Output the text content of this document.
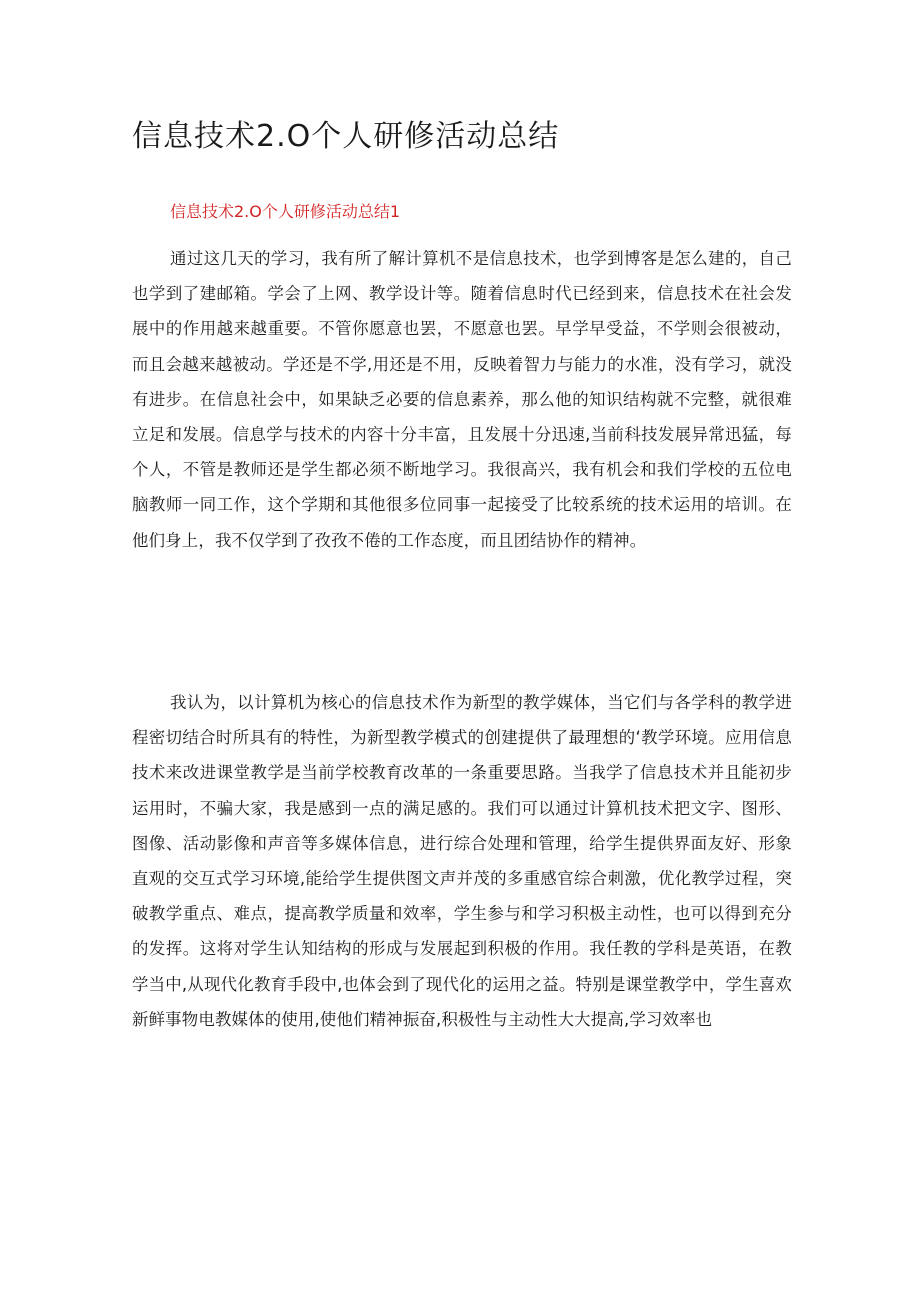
信息技术2.O个人研修活动总结
信息技术2.O个人研修活动总结1

通过这几天的学习，我有所了解计算机不是信息技术，也学到博客是怎么建的，自己也学到了建邮箱。学会了上网、教学设计等。随着信息时代已经到来，信息技术在社会发展中的作用越来越重要。不管你愿意也罢，不愿意也罢。早学早受益，不学则会很被动，而且会越来越被动。学还是不学,用还是不用，反映着智力与能力的水准，没有学习，就没有进步。在信息社会中，如果缺乏必要的信息素养，那么他的知识结构就不完整，就很难立足和发展。信息学与技术的内容十分丰富，且发展十分迅速,当前科技发展异常迅猛，每个人，不管是教师还是学生都必须不断地学习。我很高兴，我有机会和我们学校的五位电脑教师一同工作，这个学期和其他很多位同事一起接受了比较系统的技术运用的培训。在他们身上，我不仅学到了孜孜不倦的工作态度，而且团结协作的精神。

我认为，以计算机为核心的信息技术作为新型的教学媒体，当它们与各学科的教学进程密切结合时所具有的特性，为新型教学模式的创建提供了最理想的‘教学环境。应用信息技术来改进课堂教学是当前学校教育改革的一条重要思路。当我学了信息技术并且能初步运用时，不骗大家，我是感到一点的满足感的。我们可以通过计算机技术把文字、图形、图像、活动影像和声音等多媒体信息，进行综合处理和管理，给学生提供界面友好、形象直观的交互式学习环境,能给学生提供图文声并茂的多重感官综合刺激，优化教学过程，突破教学重点、难点，提高教学质量和效率，学生参与和学习积极主动性，也可以得到充分的发挥。这将对学生认知结构的形成与发展起到积极的作用。我任教的学科是英语，在教学当中,从现代化教育手段中,也体会到了现代化的运用之益。特别是课堂教学中，学生喜欢新鲜事物电教媒体的使用,使他们精神振奋,积极性与主动性大大提高,学习效率也
